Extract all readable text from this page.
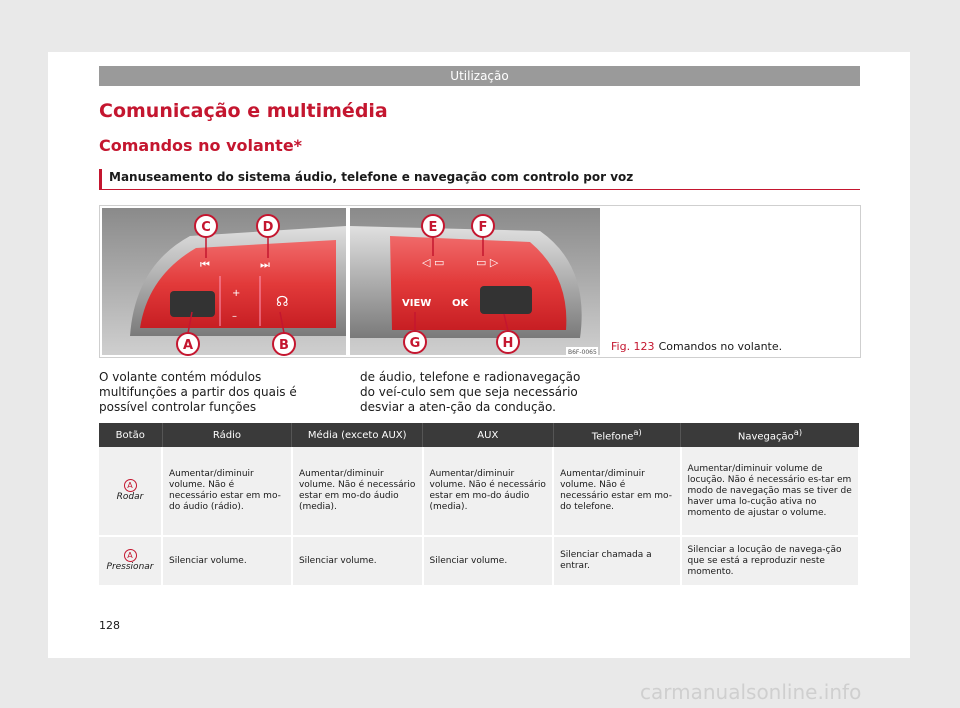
Utilização
Comunicação e multimédia
Comandos no volante*
Manuseamento do sistema áudio, telefone e navegação com controlo por voz
+
–
⏮	⏭
☊
C	D
A	B
VIEW OK
◁ ▭	▭ ▷
E	F
G	H
B6F-0065 Fig. 123 Comandos no volante.
O volante contém módulos multifunções a partir dos quais é possível controlar funções
de áudio, telefone e radionavegação do veí-culo sem que seja necessário desviar a aten-ção da condução.
Botão	Rádio	Média (exceto AUX)	AUX	Telefone$^{a)}$	Navegação$^{a)}$
A
Rodar	Aumentar/diminuir volume. Não é necessário estar em mo-do áudio (rádio).	Aumentar/diminuir volume. Não é necessário estar em mo-do áudio (media).	Aumentar/diminuir volume. Não é necessário estar em mo-do áudio (media).	Aumentar/diminuir volume. Não é necessário estar em mo-do telefone.	Aumentar/diminuir volume de locução. Não é necessário es-tar em modo de navegação mas se tiver de haver uma lo-cução ativa no momento de ajustar o volume.
A
Pressionar	Silenciar volume.	Silenciar volume.	Silenciar volume.	Silenciar chamada a entrar.	Silenciar a locução de navega-ção que se está a reproduzir neste momento.
128
carmanualsonline.info
